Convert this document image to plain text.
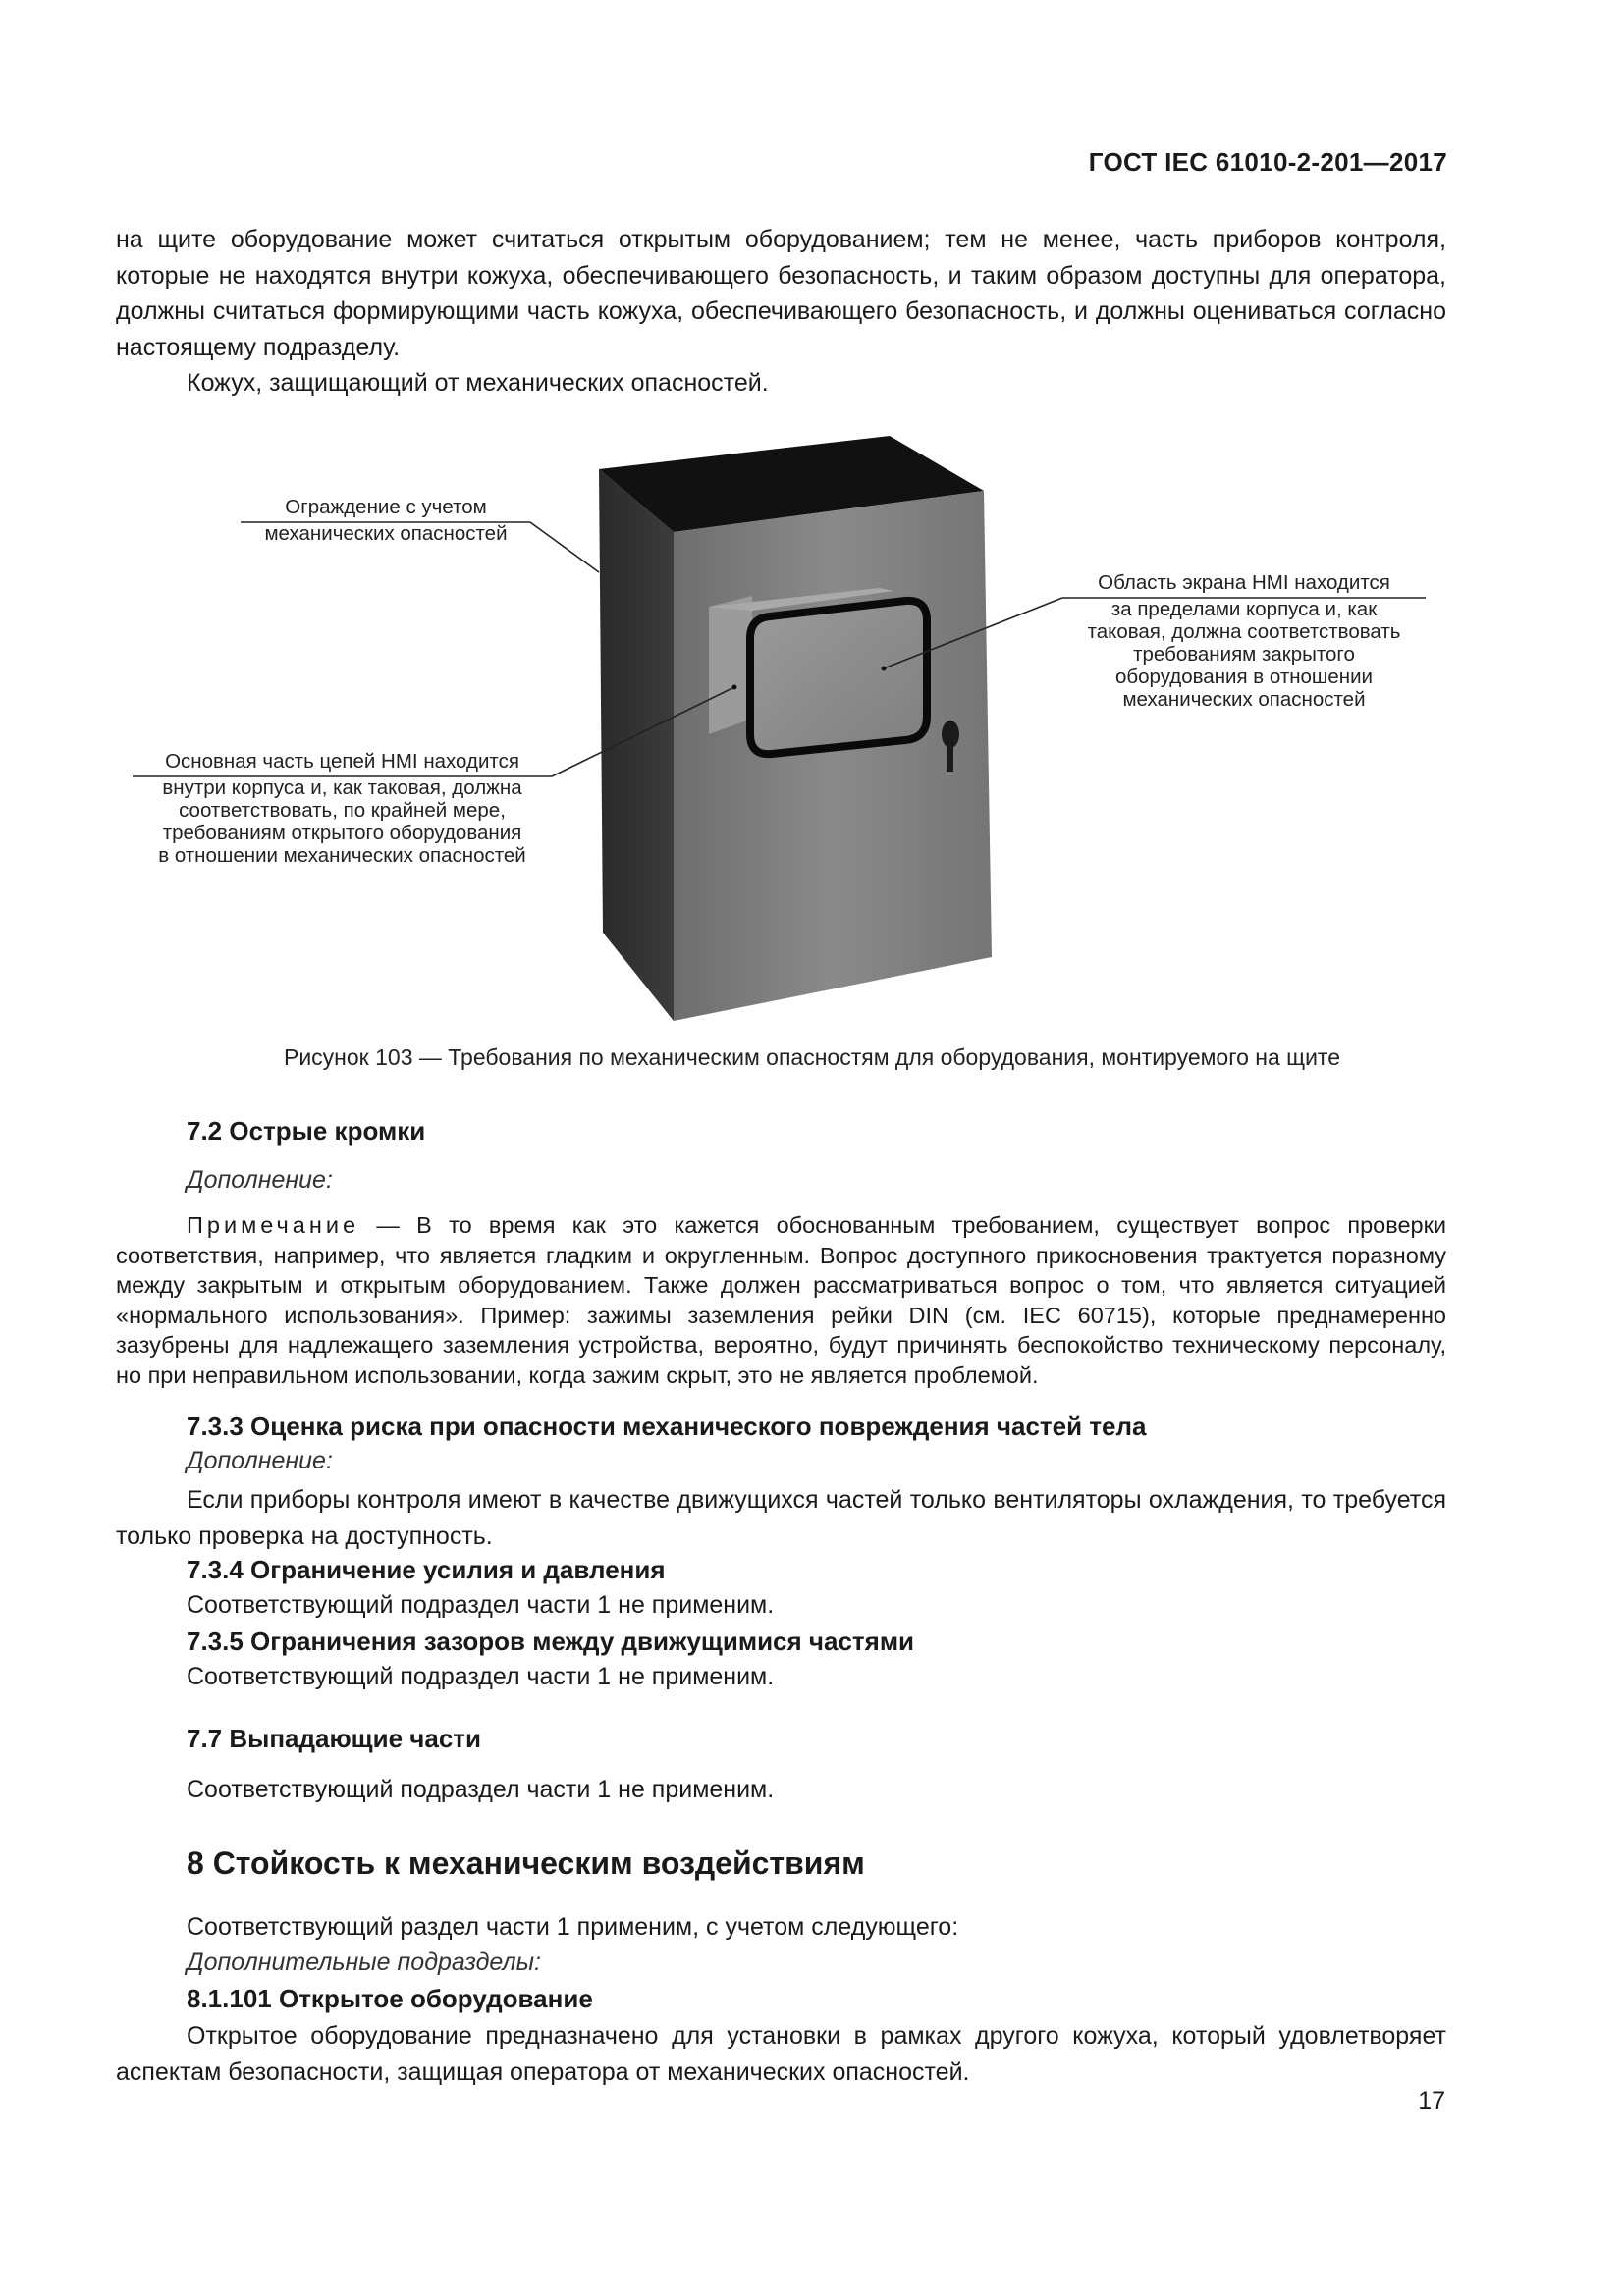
ГОСТ IEC 61010-2-201—2017

на щите оборудование может считаться открытым оборудованием; тем не менее, часть приборов контроля, которые не находятся внутри кожуха, обеспечивающего безопасность, и таким образом доступны для оператора, должны считаться формирующими часть кожуха, обеспечивающего безопасность, и должны оцениваться согласно настоящему подразделу.

Кожух, защищающий от механических опасностей.

Ограждение с учетом
механических опасностей
Область экрана HMI находится
за пределами корпуса и, как
таковая, должна соответствовать
требованиям закрытого
оборудования в отношении
механических опасностей
Основная часть цепей HMI находится
внутри корпуса и, как таковая, должна
соответствовать, по крайней мере,
требованиям открытого оборудования
в отношении механических опасностей
Рисунок 103 — Требования по механическим опасностям для оборудования, монтируемого на щите
7.2 Острые кромки
Дополнение:
Примечание — В то время как это кажется обоснованным требованием, существует вопрос проверки соответствия, например, что является гладким и округленным. Вопрос доступного прикосновения трактуется поразному между закрытым и открытым оборудованием. Также должен рассматриваться вопрос о том, что является ситуацией «нормального использования». Пример: зажимы заземления рейки DIN (см. IEC 60715), которые преднамеренно зазубрены для надлежащего заземления устройства, вероятно, будут причинять беспокойство техническому персоналу, но при неправильном использовании, когда зажим скрыт, это не является проблемой.
7.3.3 Оценка риска при опасности механического повреждения частей тела
Дополнение:
Если приборы контроля имеют в качестве движущихся частей только вентиляторы охлаждения, то требуется только проверка на доступность.
7.3.4 Ограничение усилия и давления
Соответствующий подраздел части 1 не применим.
7.3.5 Ограничения зазоров между движущимися частями
Соответствующий подраздел части 1 не применим.
7.7 Выпадающие части
Соответствующий подраздел части 1 не применим.
8 Стойкость к механическим воздействиям
Соответствующий раздел части 1 применим, с учетом следующего:
Дополнительные подразделы:
8.1.101 Открытое оборудование
Открытое оборудование предназначено для установки в рамках другого кожуха, который удовлетворяет аспектам безопасности, защищая оператора от механических опасностей.
17
